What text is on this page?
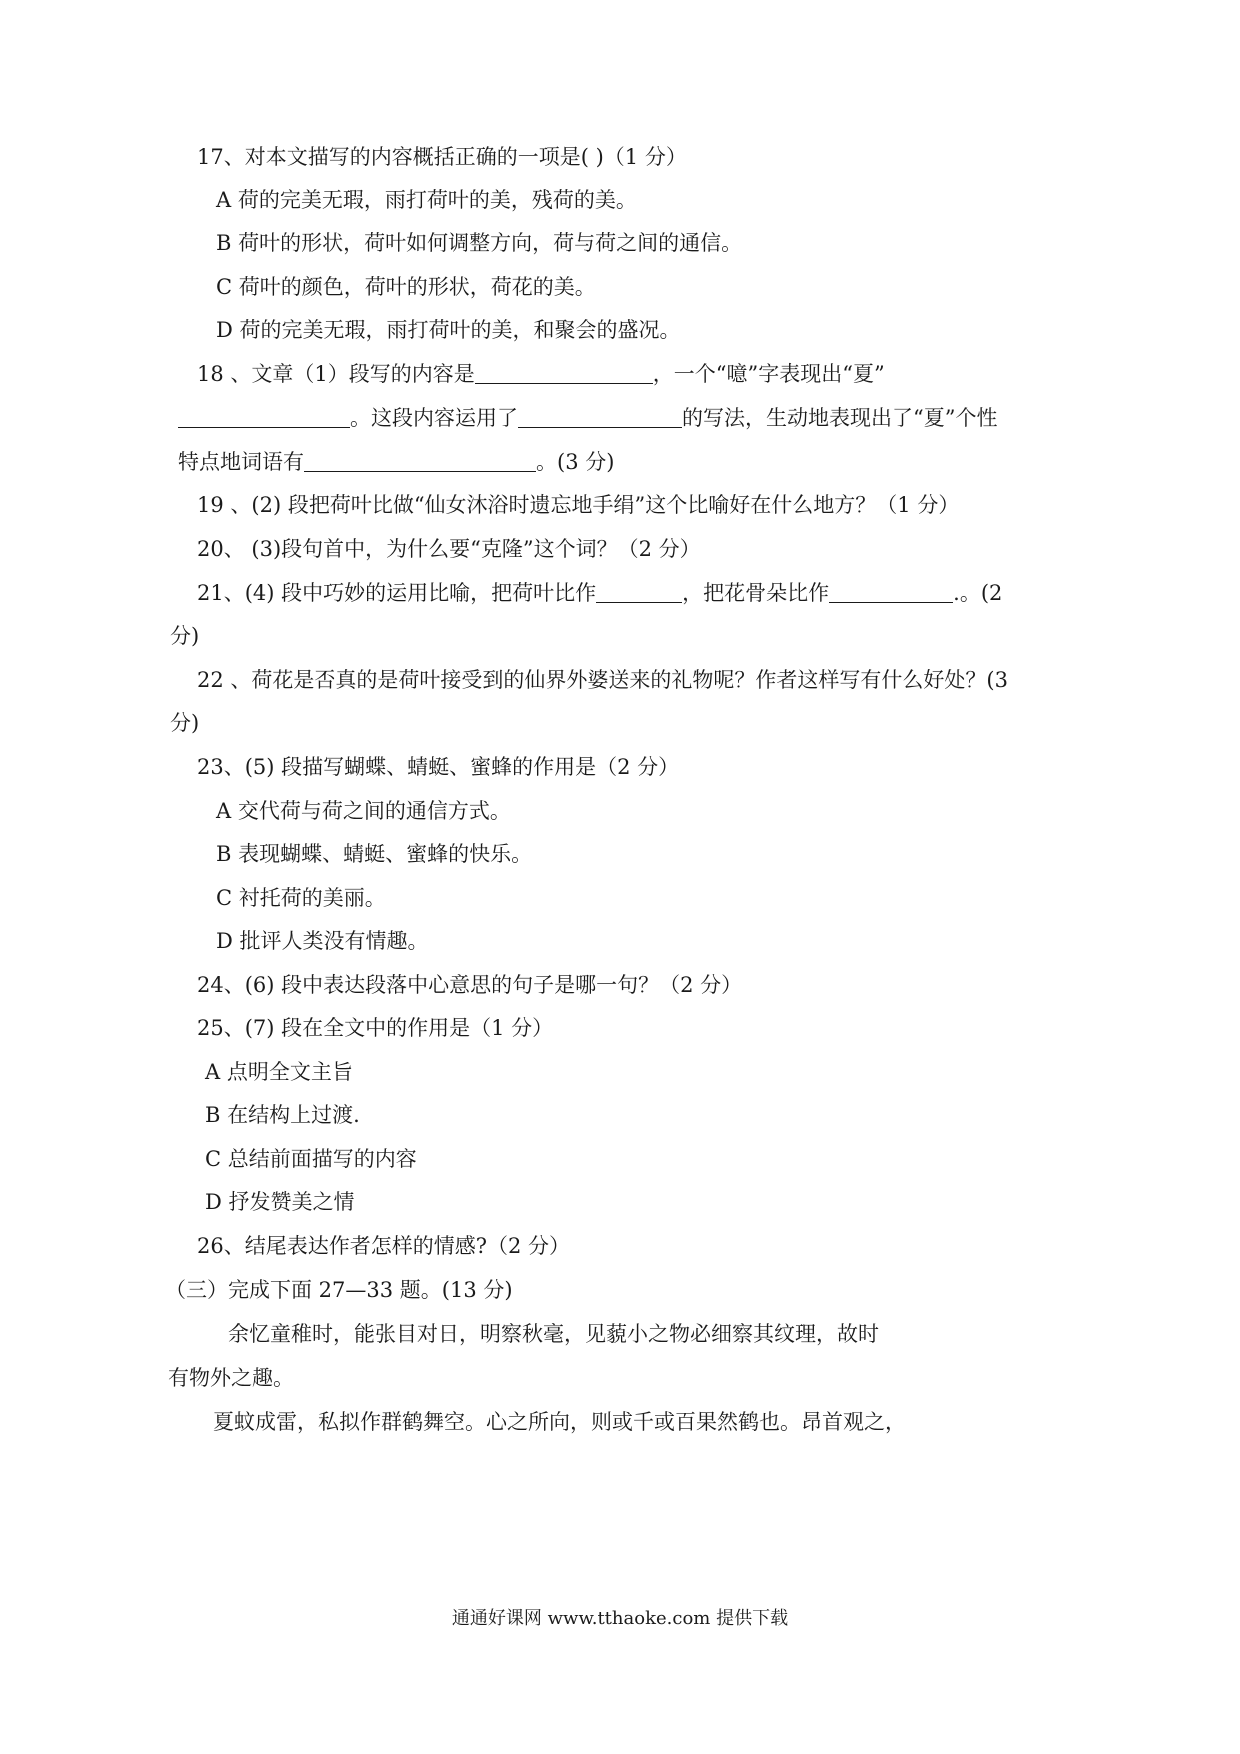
17、对本文描写的内容概括正确的一项是( )（1 分）

A 荷的完美无瑕，雨打荷叶的美，残荷的美。

B 荷叶的形状，荷叶如何调整方向，荷与荷之间的通信。

C 荷叶的颜色，荷叶的形状，荷花的美。

D 荷的完美无瑕，雨打荷叶的美，和聚会的盛况。

18 、文章（1）段写的内容是	，一个“噫”字表现出“夏”

。这段内容运用了	的写法，生动地表现出了“夏”个性

特点地词语有	。(3 分)

19 、(2) 段把荷叶比做“仙女沐浴时遗忘地手绢”这个比喻好在什么地方？（1 分）

20、 (3)段句首中，为什么要“克隆”这个词？（2 分）

21、(4) 段中巧妙的运用比喻，把荷叶比作	，把花骨朵比作	.。(2

分)

22 、荷花是否真的是荷叶接受到的仙界外婆送来的礼物呢？作者这样写有什么好处？(3

分)

23、(5) 段描写蝴蝶、蜻蜓、蜜蜂的作用是（2 分）

A 交代荷与荷之间的通信方式。

B 表现蝴蝶、蜻蜓、蜜蜂的快乐。

C 衬托荷的美丽。

D 批评人类没有情趣。

24、(6) 段中表达段落中心意思的句子是哪一句？（2 分）

25、(7) 段在全文中的作用是（1 分）

A 点明全文主旨

B 在结构上过渡.

C 总结前面描写的内容

D 抒发赞美之情

26、结尾表达作者怎样的情感?（2 分）

（三）完成下面 27—33 题。(13 分)

余忆童稚时，能张目对日，明察秋毫，见藐小之物必细察其纹理，故时

有物外之趣。

夏蚊成雷，私拟作群鹤舞空。心之所向，则或千或百果然鹤也。昂首观之，

通通好课网 www.tthaoke.com 提供下载
